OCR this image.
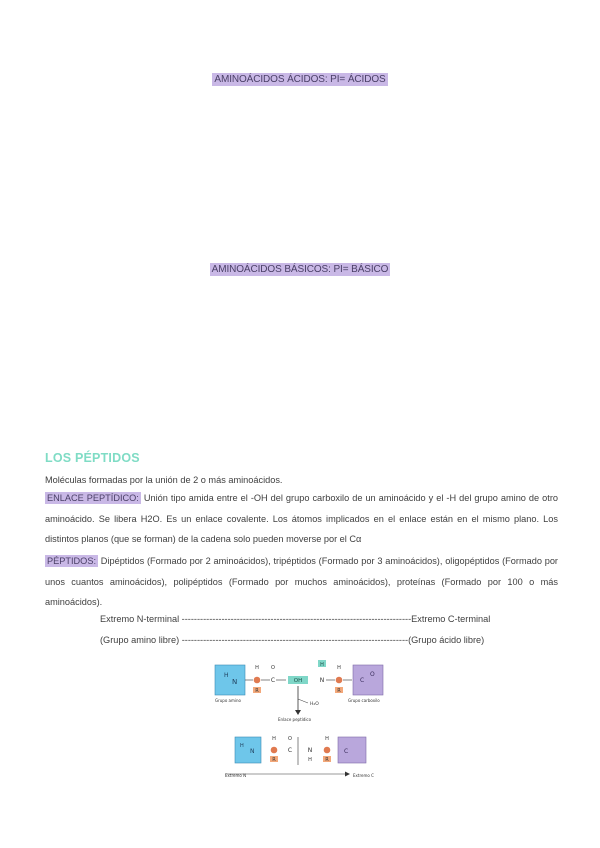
AMINOÁCIDOS ÁCIDOS: PI= ÁCIDOS
AMINOÁCIDOS BÁSICOS: PI= BÁSICO
LOS PÉPTIDOS
Moléculas formadas por la unión de 2 o más aminoácidos.
ENLACE PEPTÍDICO: Unión tipo amida entre el -OH del grupo carboxilo de un aminoácido y el -H del grupo amino de otro aminoácido. Se libera H2O. Es un enlace covalente. Los átomos implicados en el enlace están en el mismo plano. Los distintos planos (que se forman) de la cadena solo pueden moverse por el Cα
PÉPTIDOS: Dipéptidos (Formado por 2 aminoácidos), tripéptidos (Formado por 3 aminoácidos), oligopéptidos (Formado por unos cuantos aminoácidos), polipéptidos (Formado por muchos aminoácidos), proteínas (Formado por 100 o más aminoácidos).
Extremo N-terminal ---------------------------------------------------------------------------Extremo C-terminal
(Grupo amino libre) --------------------------------------------------------------------------(Grupo ácido libre)
H
N
Grupo amino
H
R
C
O
OH
H
N
H
R
C
O
Grupo carboxilo
H₂O
Enlace peptídico
H
N
H
R
C
O
N
H
H
R
C
Extremo N	Extremo C
